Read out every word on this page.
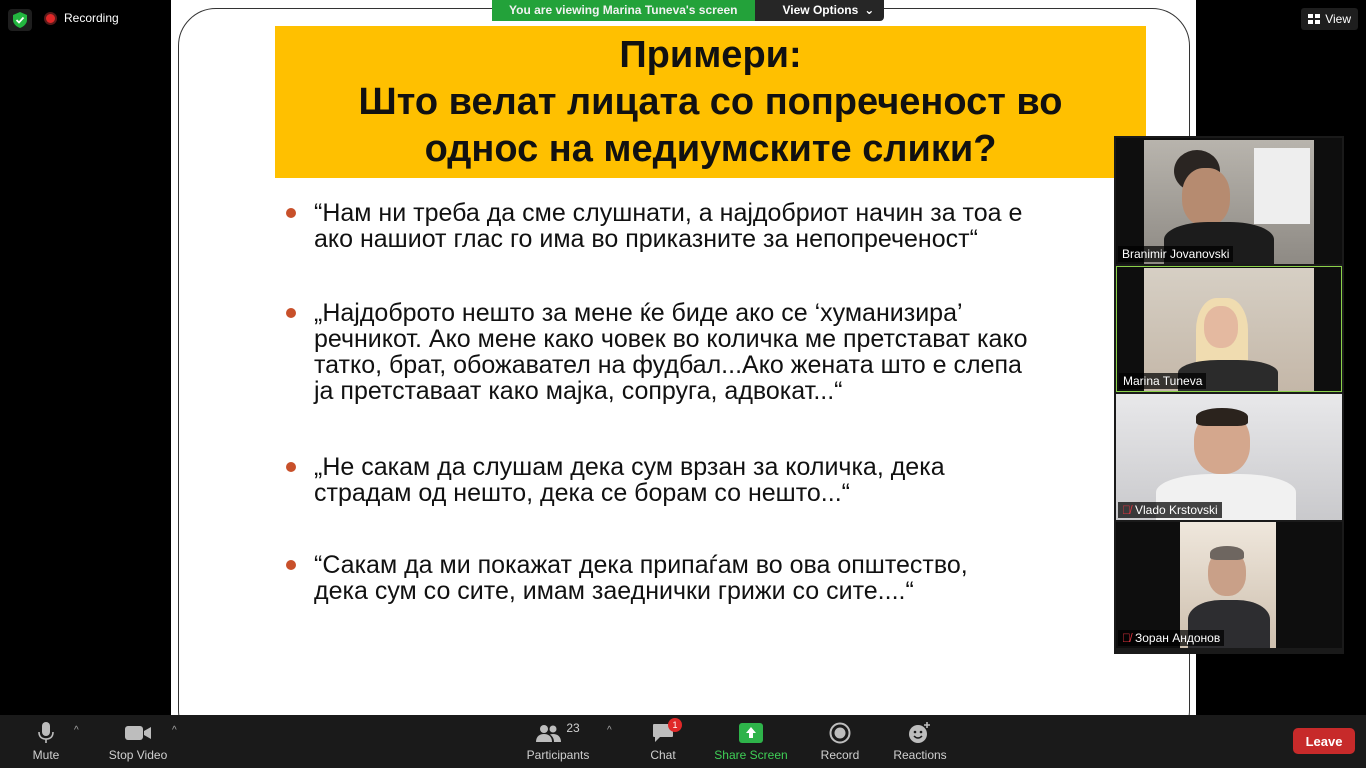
Recording
Примери:
Што велат лицата со попреченост во
однос на медиумските слики?
“Нам ни треба да сме слушнати, а најдобриот начин за тоа е
ако нашиот глас го има во приказните за непопреченост“
„Најдоброто нешто за мене ќе биде ако се ‘хуманизира’
речникот. Ако мене како човек во количка ме претстават како
татко, брат, обожавател на фудбал...Ако жената што е слепа
ја претставаат како мајка, сопруга, адвокат...“
„Не сакам да слушам дека сум врзан за количка, дека
страдам од нешто, дека се борам со нешто...“
“Сакам да ми покажат дека припаѓам во ова општество,
дека сум со сите, имам заеднички грижи со сите....“
You are viewing Marina Tuneva's screen	View Options ⌄
View
Branimir Jovanovski
Marina Tuneva
🎙̸ Vlado Krstovski
🎙̸ Зоран Андонов
Mute
^
Stop Video
^	23
Participants
^	1
Chat	Share Screen	Record	Reactions
Leave
